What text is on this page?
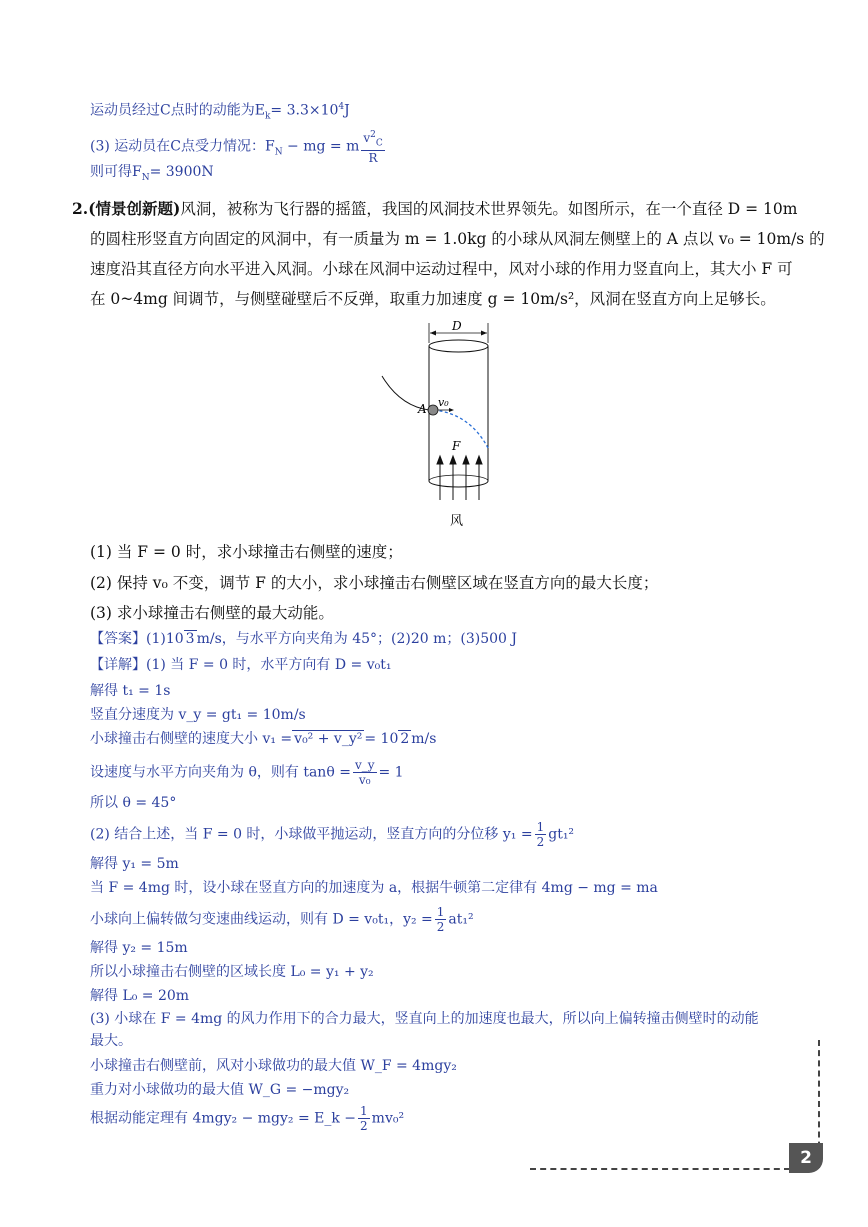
运动员经过C点时的动能为$E_k= 3.3\times 10^4J$
(3) 运动员在C点受力情况：$F_N$ − mg = m $\frac{v^2_C}{R}$
则可得$F_N= 3900N$
2.(情景创新题)风洞，被称为飞行器的摇篮，我国的风洞技术世界领先。如图所示，在一个直径 D = 10m
的圆柱形竖直方向固定的风洞中，有一质量为 m = 1.0kg 的小球从风洞左侧壁上的 A 点以 v₀ = 10m/s 的
速度沿其直径方向水平进入风洞。小球在风洞中运动过程中，风对小球的作用力竖直向上，其大小 F 可
在 0~4mg 间调节，与侧壁碰壁后不反弹，取重力加速度 g = 10m/s²，风洞在竖直方向上足够长。
D
A v₀
F
风
(1) 当 F = 0 时，求小球撞击右侧壁的速度；
(2) 保持 v₀ 不变，调节 F 的大小，求小球撞击右侧壁区域在竖直方向的最大长度；
(3) 求小球撞击右侧壁的最大动能。
【答案】(1)10 3 m/s，与水平方向夹角为 45°；(2)20 m；(3)500 J
【详解】(1) 当 F = 0 时，水平方向有 D = v₀t₁
解得 t₁ = 1s
竖直分速度为 v_y = gt₁ = 10m/s
小球撞击右侧壁的速度大小 v₁ = v₀² + v_y² = 10 2 m/s
设速度与水平方向夹角为 θ，则有 $\tan\theta = \frac{v\_y}{\text{v₀}} = 1$
所以 θ = 45°
(2) 结合上述，当 F = 0 时，小球做平抛运动，竖直方向的分位移 $y_1 = \frac{1}{2} gt_1^2$
解得 y₁ = 5m
当 F = 4mg 时，设小球在竖直方向的加速度为 a，根据牛顿第二定律有 4mg − mg = ma
小球向上偏转做匀变速曲线运动，则有 D = v₀t₁，$y_2 = \frac{1}{2} at_1^2$
解得 y₂ = 15m
所以小球撞击右侧壁的区域长度 L₀ = y₁ + y₂
解得 L₀ = 20m
(3) 小球在 F = 4mg 的风力作用下的合力最大，竖直向上的加速度也最大，所以向上偏转撞击侧壁时的动能
最大。
小球撞击右侧壁前，风对小球做功的最大值 W_F = 4mgy₂
重力对小球做功的最大值 W_G = −mgy₂
根据动能定理有 4mgy₂ − mgy₂ = E_k − $\frac{1}{2} mv_0^2$
2
